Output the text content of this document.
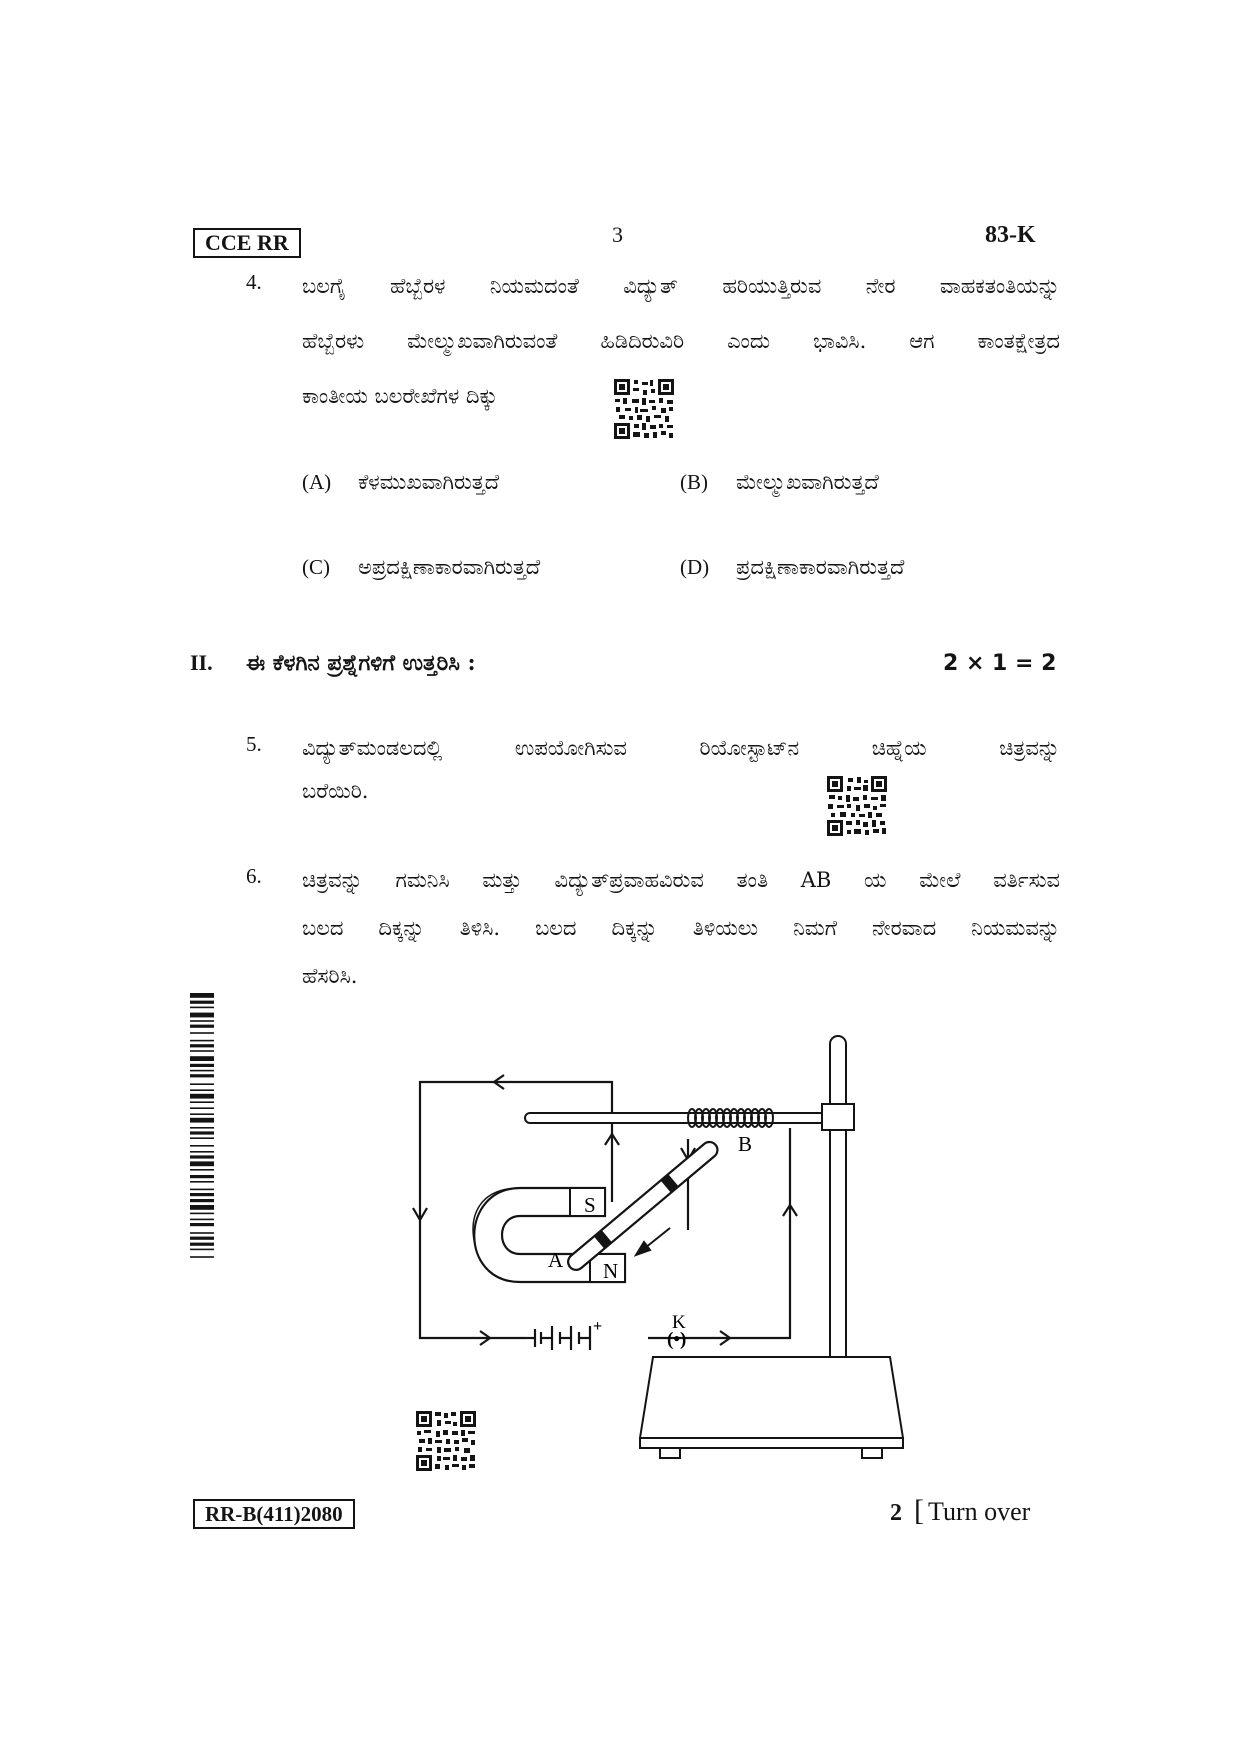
CCE RR	3	83-K
4. ಬಲಗೈ ಹೆಬ್ಬೆರಳ ನಿಯಮದಂತೆ ವಿದ್ಯುತ್ ಹರಿಯುತ್ತಿರುವ ನೇರ ವಾಹಕತಂತಿಯನ್ನು
ಹೆಬ್ಬೆರಳು ಮೇಲ್ಮುಖವಾಗಿರುವಂತೆ ಹಿಡಿದಿರುವಿರಿ ಎಂದು ಭಾವಿಸಿ. ಆಗ ಕಾಂತಕ್ಷೇತ್ರದ
ಕಾಂತೀಯ ಬಲರೇಖೆಗಳ ದಿಕ್ಕು
(A) ಕೆಳಮುಖವಾಗಿರುತ್ತದೆ	(B) ಮೇಲ್ಮುಖವಾಗಿರುತ್ತದೆ
(C) ಅಪ್ರದಕ್ಷಿಣಾಕಾರವಾಗಿರುತ್ತದೆ	(D) ಪ್ರದಕ್ಷಿಣಾಕಾರವಾಗಿರುತ್ತದೆ
II. ಈ ಕೆಳಗಿನ ಪ್ರಶ್ನೆಗಳಿಗೆ ಉತ್ತರಿಸಿ :	2 × 1 = 2
5. ವಿದ್ಯುತ್‌ಮಂಡಲದಲ್ಲಿ ಉಪಯೋಗಿಸುವ ರಿಯೋಸ್ಟಾಟ್‌ನ ಚಿಹ್ನೆಯ ಚಿತ್ರವನ್ನು
ಬರೆಯಿರಿ.
6. ಚಿತ್ರವನ್ನು ಗಮನಿಸಿ ಮತ್ತು ವಿದ್ಯುತ್‌ಪ್ರವಾಹವಿರುವ ತಂತಿ AB ಯ ಮೇಲೆ ವರ್ತಿಸುವ
ಬಲದ ದಿಕ್ಕನ್ನು ತಿಳಿಸಿ. ಬಲದ ದಿಕ್ಕನ್ನು ತಿಳಿಯಲು ನಿಮಗೆ ನೇರವಾದ ನಿಯಮವನ್ನು
ಹೆಸರಿಸಿ.
S
N
A
B
+	K
(•)
RR-B(411)2080	2 [ Turn over
